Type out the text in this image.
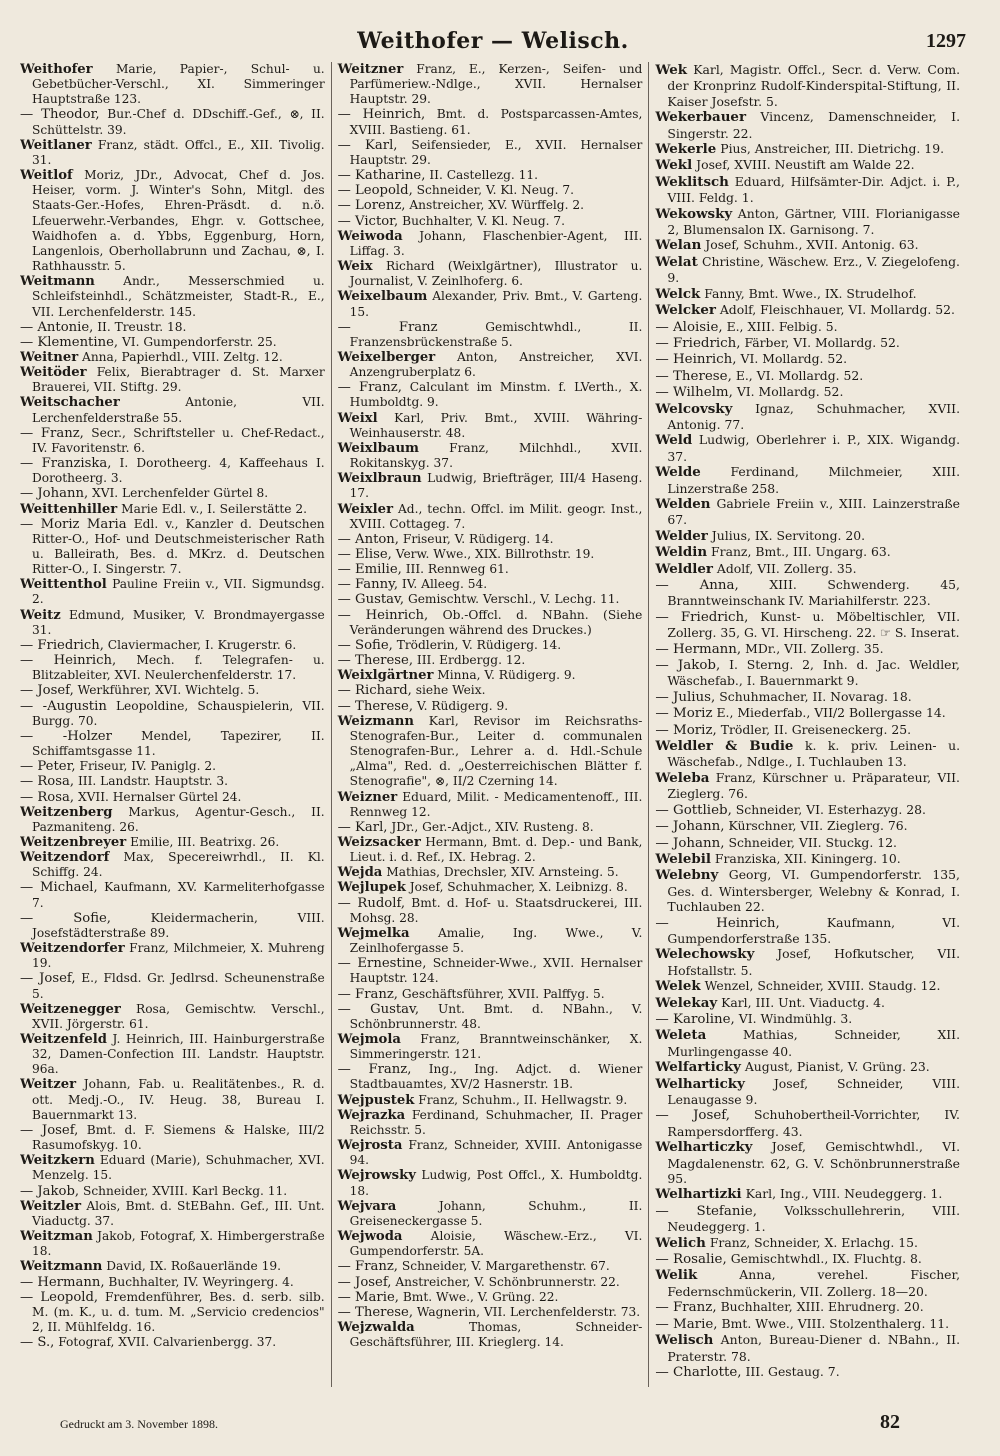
Weithofer — Welisch.	1297

Weithofer Marie, Papier-, Schul- u. Gebetbücher-Verschl., XI. Simmeringer Hauptstraße 123.

— Theodor, Bur.-Chef d. DDschiff.-Gef., ⊗, II. Schüttelstr. 39.

Weitlaner Franz, städt. Offcl., E., XII. Tivolig. 31.

Weitlof Moriz, JDr., Advocat, Chef d. Jos. Heiser, vorm. J. Winter's Sohn, Mitgl. des Staats-Ger.-Hofes, Ehren-Präsdt. d. n.ö. Lfeuerwehr.-Verbandes, Ehgr. v. Gottschee, Waidhofen a. d. Ybbs, Eggenburg, Horn, Langenlois, Oberhollabrunn und Zachau, ⊗, I. Rathhausstr. 5.

Weitmann Andr., Messerschmied u. Schleifsteinhdl., Schätzmeister, Stadt-R., E., VII. Lerchenfelderstr. 145.

— Antonie, II. Treustr. 18.

— Klementine, VI. Gumpendorferstr. 25.

Weitner Anna, Papierhdl., VIII. Zeltg. 12.

Weitöder Felix, Bierabtrager d. St. Marxer Brauerei, VII. Stiftg. 29.

Weitschacher	Antonie, VII. Lerchenfelderstraße 55.

— Franz, Secr., Schriftsteller u. Chef-Redact., IV. Favoritenstr. 6.

— Franziska, I. Dorotheerg. 4, Kaffeehaus I. Dorotheerg. 3.

— Johann, XVI. Lerchenfelder Gürtel 8.

Weittenhiller Marie Edl. v., I. Seilerstätte 2.

— Moriz Maria Edl. v., Kanzler d. Deutschen Ritter-O., Hof- und Deutschmeisterischer Rath u. Balleirath, Bes. d. MKrz. d. Deutschen Ritter-O., I. Singerstr. 7.

Weittenthol Pauline Freiin v., VII. Sigmundsg. 2.

Weitz Edmund, Musiker, V. Brondmayergasse 31.

— Friedrich, Claviermacher, I. Krugerstr. 6.

— Heinrich, Mech. f. Telegrafen- u. Blitzableiter, XVI. Neulerchenfelderstr. 17.

— Josef, Werkführer, XVI. Wichtelg. 5.

— -Augustin Leopoldine, Schauspielerin, VII. Burgg. 70.

— -Holzer Mendel, Tapezirer, II. Schiffamtsgasse 11.

— Peter, Friseur, IV. Paniglg. 2.

— Rosa, III. Landstr. Hauptstr. 3.

— Rosa, XVII. Hernalser Gürtel 24.

Weitzenberg Markus, Agentur-Gesch., II. Pazmaniteng. 26.

Weitzenbreyer Emilie, III. Beatrixg. 26.

Weitzendorf Max, Specereiwrhdl., II. Kl. Schiffg. 24.

— Michael, Kaufmann, XV. Karmeliterhofgasse 7.

— Sofie,	Kleidermacherin, VIII. Josefstädterstraße 89.

Weitzendorfer Franz, Milchmeier, X. Muhreng 19.

— Josef, E., Fldsd. Gr. Jedlrsd. Scheunenstraße 5.

Weitzenegger Rosa, Gemischtw. Verschl., XVII. Jörgerstr. 61.

Weitzenfeld J. Heinrich, III. Hainburgerstraße 32, Damen-Confection III. Landstr. Hauptstr. 96a.

Weitzer Johann, Fab. u. Realitätenbes., R. d. ott. Medj.-O., IV. Heug. 38, Bureau I. Bauernmarkt 13.

— Josef, Bmt. d. F. Siemens & Halske, III/2 Rasumofskyg. 10.

Weitzkern Eduard (Marie), Schuhmacher, XVI. Menzelg. 15.

— Jakob, Schneider, XVIII. Karl Beckg. 11.

Weitzler Alois, Bmt. d. StEBahn. Gef., III. Unt. Viaductg. 37.

Weitzman Jakob, Fotograf, X. Himbergerstraße 18.

Weitzmann David, IX. Roßauerlände 19.

— Hermann, Buchhalter, IV. Weyringerg. 4.

— Leopold, Fremdenführer, Bes. d. serb. silb. M. (m. K., u. d. tum. M. „Servicio credencios" 2, II. Mühlfeldg. 16.

— S., Fotograf, XVII. Calvarienbergg. 37.

Weitzner Franz, E., Kerzen-, Seifen- und Parfümeriew.-Ndlge., XVII. Hernalser Hauptstr. 29.

— Heinrich, Bmt. d. Postsparcassen-Amtes, XVIII. Bastieng. 61.

— Karl, Seifensieder, E., XVII. Hernalser Hauptstr. 29.

— Katharine, II. Castellezg. 11.

— Leopold, Schneider, V. Kl. Neug. 7.

— Lorenz, Anstreicher, XV. Würffelg. 2.

— Victor, Buchhalter, V. Kl. Neug. 7.

Weiwoda Johann, Flaschenbier-Agent, III. Liffag. 3.

Weix Richard (Weixlgärtner), Illustrator u. Journalist, V. Zeinlhoferg. 6.

Weixelbaum Alexander, Priv. Bmt., V. Garteng. 15.

— Franz	Gemischtwhdl., II. Franzensbrückenstraße 5.

Weixelberger Anton, Anstreicher, XVI. Anzengruberplatz 6.

— Franz, Calculant im Minstm. f. LVerth., X. Humboldtg. 9.

Weixl Karl, Priv. Bmt., XVIII. Währing-Weinhauserstr. 48.

Weixlbaum Franz, Milchhdl., XVII. Rokitanskyg. 37.

Weixlbraun Ludwig, Briefträger, III/4 Haseng. 17.

Weixler Ad., techn. Offcl. im Milit. geogr. Inst., XVIII. Cottageg. 7.

— Anton, Friseur, V. Rüdigerg. 14.

— Elise, Verw. Wwe., XIX. Billrothstr. 19.

— Emilie, III. Rennweg 61.

— Fanny, IV. Alleeg. 54.

— Gustav, Gemischtw. Verschl., V. Lechg. 11.

— Heinrich, Ob.-Offcl. d. NBahn. (Siehe Veränderungen während des Druckes.)

— Sofie, Trödlerin, V. Rüdigerg. 14.

— Therese, III. Erdbergg. 12.

Weixlgärtner Minna, V. Rüdigerg. 9.

— Richard, siehe Weix.

— Therese, V. Rüdigerg. 9.

Weizmann Karl, Revisor im Reichsraths-Stenografen-Bur., Leiter d. communalen Stenografen-Bur., Lehrer a. d. Hdl.-Schule „Alma", Red. d. „Oesterreichischen Blätter f. Stenografie", ⊗, II/2 Czerning 14.

Weizner Eduard, Milit. - Medicamentenoff., III. Rennweg 12.

— Karl, JDr., Ger.-Adjct., XIV. Rusteng. 8.

Weizsacker Hermann, Bmt. d. Dep.- und Bank, Lieut. i. d. Ref., IX. Hebrag. 2.

Wejda Mathias, Drechsler, XIV. Arnsteing. 5.

Wejlupek Josef, Schuhmacher, X. Leibnizg. 8.

— Rudolf, Bmt. d. Hof- u. Staatsdruckerei, III. Mohsg. 28.

Wejmelka Amalie, Ing. Wwe., V. Zeinlhofergasse 5.

— Ernestine, Schneider-Wwe., XVII. Hernalser Hauptstr. 124.

— Franz, Geschäftsführer, XVII. Palffyg. 5.

— Gustav, Unt. Bmt. d. NBahn., V. Schönbrunnerstr. 48.

Wejmola Franz, Branntweinschänker, X. Simmeringerstr. 121.

— Franz, Ing., Ing. Adjct. d. Wiener Stadtbauamtes, XV/2 Hasnerstr. 1B.

Wejpustek Franz, Schuhm., II. Hellwagstr. 9.

Wejrazka Ferdinand, Schuhmacher, II. Prager Reichsstr. 5.

Wejrosta Franz, Schneider, XVIII. Antonigasse 94.

Wejrowsky Ludwig, Post Offcl., X. Humboldtg. 18.

Wejvara	Johann, Schuhm., II. Greiseneckergasse 5.

Wejwoda Aloisie, Wäschew.-Erz., VI. Gumpendorferstr. 5A.

— Franz, Schneider, V. Margarethenstr. 67.

— Josef, Anstreicher, V. Schönbrunnerstr. 22.

— Marie, Bmt. Wwe., V. Grüng. 22.

— Therese, Wagnerin, VII. Lerchenfelderstr. 73.

Wejzwalda	Thomas, Schneider-Geschäftsführer, III. Krieglerg. 14.

Wek Karl, Magistr. Offcl., Secr. d. Verw. Com. der Kronprinz Rudolf-Kinderspital-Stiftung, II. Kaiser Josefstr. 5.

Wekerbauer Vincenz, Damenschneider, I. Singerstr. 22.

Wekerle Pius, Anstreicher, III. Dietrichg. 19.

Wekl Josef, XVIII. Neustift am Walde 22.

Weklitsch Eduard, Hilfsämter-Dir. Adjct. i. P., VIII. Feldg. 1.

Wekowsky Anton, Gärtner, VIII. Florianigasse 2, Blumensalon IX. Garnisong. 7.

Welan Josef, Schuhm., XVII. Antonig. 63.

Welat Christine, Wäschew. Erz., V. Ziegelofeng. 9.

Welck Fanny, Bmt. Wwe., IX. Strudelhof.

Welcker Adolf, Fleischhauer, VI. Mollardg. 52.

— Aloisie, E., XIII. Felbig. 5.

— Friedrich, Färber, VI. Mollardg. 52.

— Heinrich, VI. Mollardg. 52.

— Therese, E., VI. Mollardg. 52.

— Wilhelm, VI. Mollardg. 52.

Welcovsky Ignaz, Schuhmacher, XVII. Antonig. 77.

Weld Ludwig, Oberlehrer i. P., XIX. Wigandg. 37.

Welde Ferdinand, Milchmeier, XIII. Linzerstraße 258.

Welden Gabriele Freiin v., XIII. Lainzerstraße 67.

Welder Julius, IX. Servitong. 20.

Weldin Franz, Bmt., III. Ungarg. 63.

Weldler Adolf, VII. Zollerg. 35.

— Anna, XIII. Schwenderg. 45, Branntweinschank IV. Mariahilferstr. 223.

— Friedrich, Kunst- u. Möbeltischler, VII. Zollerg. 35, G. VI. Hirscheng. 22. ☞ S. Inserat.

— Hermann, MDr., VII. Zollerg. 35.

— Jakob, I. Sterng. 2, Inh. d. Jac. Weldler, Wäschefab., I. Bauernmarkt 9.

— Julius, Schuhmacher, II. Novarag. 18.

— Moriz E., Miederfab., VII/2 Bollergasse 14.

— Moriz, Trödler, II. Greiseneckerg. 25.

Weldler & Budie k. k. priv. Leinen- u. Wäschefab., Ndlge., I. Tuchlauben 13.

Weleba Franz, Kürschner u. Präparateur, VII. Zieglerg. 76.

— Gottlieb, Schneider, VI. Esterhazyg. 28.

— Johann, Kürschner, VII. Zieglerg. 76.

— Johann, Schneider, VII. Stuckg. 12.

Welebil Franziska, XII. Kiningerg. 10.

Welebny Georg, VI. Gumpendorferstr. 135, Ges. d. Wintersberger, Welebny & Konrad, I. Tuchlauben 22.

— Heinrich,	Kaufmann, VI. Gumpendorferstraße 135.

Welechowsky Josef, Hofkutscher, VII. Hofstallstr. 5.

Welek Wenzel, Schneider, XVIII. Staudg. 12.

Welekay Karl, III. Unt. Viaductg. 4.

— Karoline, VI. Windmühlg. 3.

Weleta	Mathias, Schneider, XII. Murlingengasse 40.

Welfarticky August, Pianist, V. Grüng. 23.

Welharticky Josef, Schneider, VIII. Lenaugasse 9.

— Josef, Schuhobertheil-Vorrichter, IV. Rampersdorfferg. 43.

Welharticzky Josef, Gemischtwhdl., VI. Magdalenenstr. 62, G. V. Schönbrunnerstraße 95.

Welhartizki Karl, Ing., VIII. Neudeggerg. 1.

— Stefanie, Volksschullehrerin, VIII. Neudeggerg. 1.

Welich Franz, Schneider, X. Erlachg. 15.

— Rosalie, Gemischtwhdl., IX. Fluchtg. 8.

Welik	Anna, verehel. Fischer, Federnschmückerin, VII. Zollerg. 18—20.

— Franz, Buchhalter, XIII. Ehrudnerg. 20.

— Marie, Bmt. Wwe., VIII. Stolzenthalerg. 11.

Welisch Anton, Bureau-Diener d. NBahn., II. Praterstr. 78.

— Charlotte, III. Gestaug. 7.

Gedruckt am 3. November 1898.	82
